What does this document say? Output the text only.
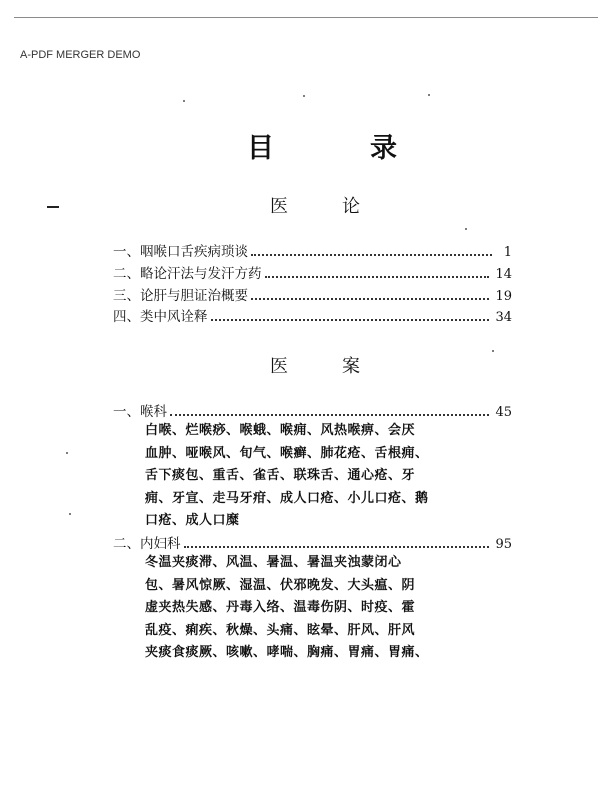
A-PDF MERGER DEMO
目	录
医	论
一、咽喉口舌疾病琐谈	1
二、略论汗法与发汗方药	14
三、论肝与胆证治概要	19
四、类中风诠释	34
医	案
一、喉科	45
白喉、烂喉痧、喉蛾、喉痈、风热喉痹、会厌
血肿、哑喉风、旬气、喉癣、肺花疮、舌根痈、
舌下痰包、重舌、雀舌、联珠舌、通心疮、牙
痈、牙宣、走马牙疳、成人口疮、小儿口疮、鹅
口疮、成人口糜
二、内妇科	95
冬温夹痰滞、风温、暑温、暑温夹浊蒙闭心
包、暑风惊厥、湿温、伏邪晚发、大头瘟、阴
虚夹热失感、丹毒入络、温毒伤阴、时疫、霍
乱疫、痢疾、秋燥、头痛、眩晕、肝风、肝风
夹痰食痰厥、咳嗽、哮喘、胸痛、胃痛、胃痛、
